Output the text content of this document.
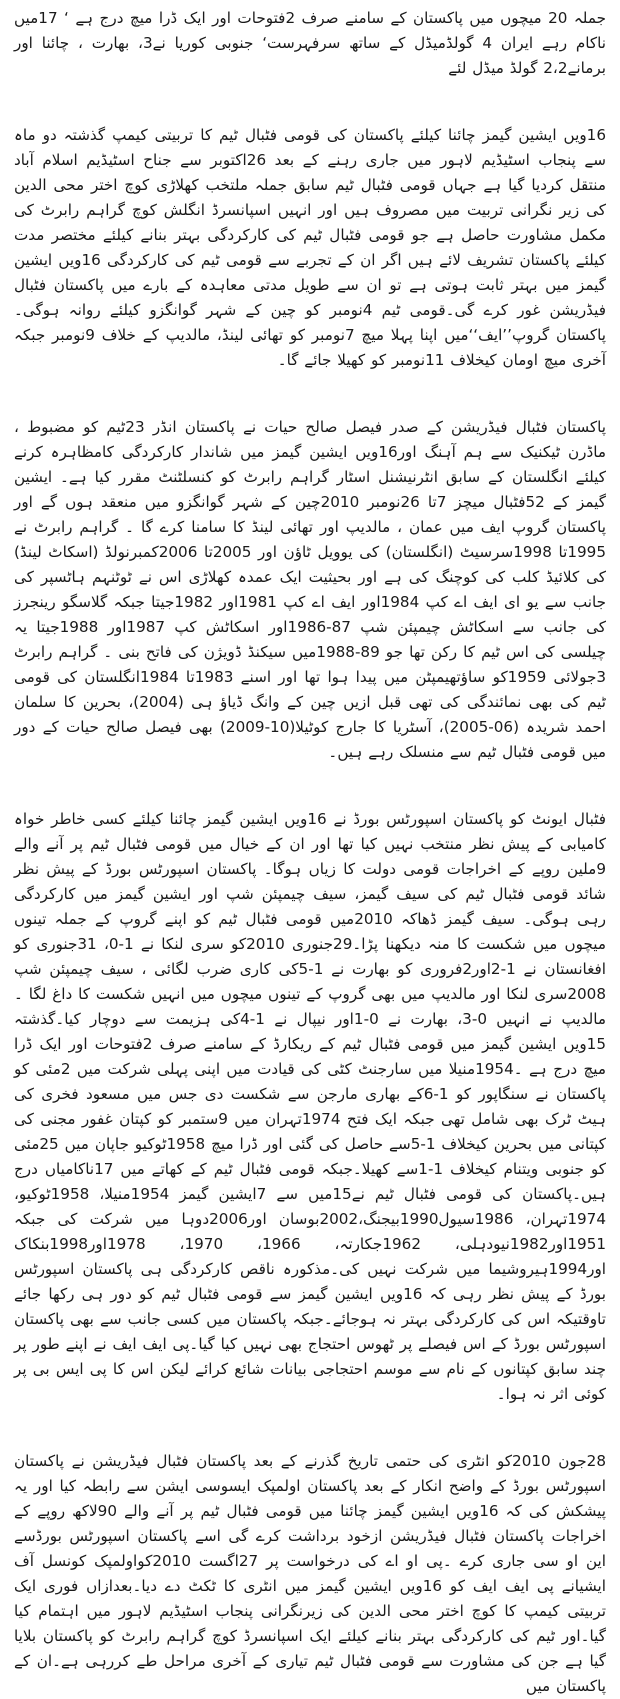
جملہ 20 میچوں میں پاکستان کے سامنے صرف 2فتوحات اور ایک ڈرا میچ درج ہے ‘ 17میں ناکام رہے ایران 4 گولڈمیڈل کے ساتھ سرفہرست‘ جنوبی کوریا نے3، بھارت ، چائنا اور برمانے2،2 گولڈ میڈل لئے

16ویں ایشین گیمز چائنا کیلئے پاکستان کی قومی فٹبال ٹیم کا تربیتی کیمپ گذشتہ دو ماہ سے پنجاب اسٹیڈیم لاہور میں جاری رہنے کے بعد 26اکتوبر سے جناح اسٹیڈیم اسلام آباد منتقل کردیا گیا ہے جہاں قومی فٹبال ٹیم سابق جملہ ملتخب کھلاڑی کوچ اختر محی الدین کی زیر نگرانی تربیت میں مصروف ہیں اور انہیں اسپانسرڈ انگلش کوچ گراہم رابرٹ کی مکمل مشاورت حاصل ہے جو قومی فٹبال ٹیم کی کارکردگی بہتر بنانے کیلئے مختصر مدت کیلئے پاکستان تشریف لائے ہیں اگر ان کے تجربے سے قومی ٹیم کی کارکردگی 16ویں ایشین گیمز میں بہتر ثابت ہوتی ہے تو ان سے طویل مدتی معاہدہ کے بارے میں پاکستان فٹبال فیڈریشن غور کرے گی۔قومی ٹیم 4نومبر کو چین کے شہر گوانگزو کیلئے روانہ ہوگی۔پاکستان گروپ’’ایف‘‘میں اپنا پہلا میچ 7نومبر کو تھائی لینڈ، مالدیپ کے خلاف 9نومبر جبکہ آخری میچ اومان کیخلاف 11نومبر کو کھیلا جائے گا۔

پاکستان فٹبال فیڈریشن کے صدر فیصل صالح حیات نے پاکستان انڈر 23ٹیم کو مضبوط ، ماڈرن ٹیکنیک سے ہم آہنگ اور16ویں ایشین گیمز میں شاندار کارکردگی کامظاہرہ کرنے کیلئے انگلستان کے سابق انٹرنیشنل اسٹار گراہم رابرٹ کو کنسلٹنٹ مقرر کیا ہے۔ ایشین گیمز کے 52فٹبال میچز 7تا 26نومبر 2010چین کے شہر گوانگزو میں منعقد ہوں گے اور پاکستان گروپ ایف میں عمان ، مالدیپ اور تھائی لینڈ کا سامنا کرے گا ۔ گراہم رابرٹ نے 1995تا 1998سرسیٹ (انگلستان) کی یوویل ٹاؤن اور 2005تا 2006کمبرنولڈ (اسکاٹ لینڈ) کی کلائیڈ کلب کی کوچنگ کی ہے اور بحیثیت ایک عمدہ کھلاڑی اس نے ٹوٹنہم ہاٹسپر کی جانب سے یو ای ایف اے کپ 1984اور ایف اے کپ 1981اور 1982جیتا جبکہ گلاسگو رینجرز کی جانب سے اسکاٹش چیمپئن شپ 87-1986اور اسکاٹش کپ 1987اور 1988جیتا یہ چیلسی کی اس ٹیم کا رکن تھا جو 89-1988میں سیکنڈ ڈویژن کی فاتح بنی ۔ گراہم رابرٹ 3جولائی 1959کو ساؤتھیمپٹن میں پیدا ہوا تھا اور اسنے 1983تا 1984انگلستان کی قومی ٹیم کی بھی نمائندگی کی تھی قبل ازیں چین کے وانگ ڈیاؤ ہی (2004)، بحرین کا سلمان احمد شریدہ (06-2005)، آسٹریا کا جارج کوٹیلا(10-2009) بھی فیصل صالح حیات کے دور میں قومی فٹبال ٹیم سے منسلک رہے ہیں۔

فٹبال ایونٹ کو پاکستان اسپورٹس بورڈ نے 16ویں ایشین گیمز چائنا کیلئے کسی خاطر خواہ کامیابی کے پیش نظر منتخب نہیں کیا تھا اور ان کے خیال میں قومی فٹبال ٹیم پر آنے والے 9ملین روپے کے اخراجات قومی دولت کا زیاں ہوگا۔ پاکستان اسپورٹس بورڈ کے پیش نظر شائد قومی فٹبال ٹیم کی سیف گیمز، سیف چیمپئن شپ اور ایشین گیمز میں کارکردگی رہی ہوگی۔ سیف گیمز ڈھاکہ 2010میں قومی فٹبال ٹیم کو اپنے گروپ کے جملہ تینوں میچوں میں شکست کا منہ دیکھنا پڑا۔29جنوری 2010کو سری لنکا نے 1-0، 31جنوری کو افغانستان نے 1-2اور2فروری کو بھارت نے 1-5کی کاری ضرب لگائی ، سیف چیمپئن شپ 2008سری لنکا اور مالدیپ میں بھی گروپ کے تینوں میچوں میں انہیں شکست کا داغ لگا ۔ مالدیپ نے انہیں 0-3، بھارت نے 0-1اور نیپال نے 1-4کی ہزیمت سے دوچار کیا۔گذشتہ 15ویں ایشین گیمز میں قومی فٹبال ٹیم کے ریکارڈ کے سامنے صرف 2فتوحات اور ایک ڈرا میچ درج ہے ۔1954منیلا میں سارجنٹ کٹی کی قیادت میں اپنی پہلی شرکت میں 2مئی کو پاکستان نے سنگاپور کو 1-6کے بھاری مارجن سے شکست دی جس میں مسعود فخری کی ہیٹ ٹرک بھی شامل تھی جبکہ ایک فتح 1974تہران میں 9ستمبر کو کپتان غفور مجنی کی کپتانی میں بحرین کیخلاف 1-5سے حاصل کی گئی اور ڈرا میچ 1958ٹوکیو جاپان میں 25مئی کو جنوبی ویتنام کیخلاف 1-1سے کھیلا۔جبکہ قومی فٹبال ٹیم کے کھاتے میں 17ناکامیاں درج ہیں۔پاکستان کی قومی فٹبال ٹیم نے15میں سے 7ایشین گیمز 1954منیلا، 1958ٹوکیو، 1974تہران، 1986سیول1990بیجنگ،2002بوسان اور2006دوہا میں شرکت کی جبکہ 1951اور1982نیودہلی، 1962جکارتہ، 1966، 1970، 1978اور1998بنکاک اور1994ہیروشیما میں شرکت نہیں کی۔مذکورہ ناقص کارکردگی ہی پاکستان اسپورٹس بورڈ کے پیش نظر رہی کہ 16ویں ایشین گیمز سے قومی فٹبال ٹیم کو دور ہی رکھا جائے تاوقتیکہ اس کی کارکردگی بہتر نہ ہوجائے۔جبکہ پاکستان میں کسی جانب سے بھی پاکستان اسپورٹس بورڈ کے اس فیصلے پر ٹھوس احتجاج بھی نہیں کیا گیا۔پی ایف ایف نے اپنے طور پر چند سابق کپتانوں کے نام سے موسم احتجاجی بیانات شائع کرائے لیکن اس کا پی ایس بی پر کوئی اثر نہ ہوا۔

28جون 2010کو انٹری کی حتمی تاریخ گذرنے کے بعد پاکستان فٹبال فیڈریشن نے پاکستان اسپورٹس بورڈ کے واضح انکار کے بعد پاکستان اولمپک ایسوسی ایشن سے رابطہ کیا اور یہ پیشکش کی کہ 16ویں ایشین گیمز چائنا میں قومی فٹبال ٹیم پر آنے والے 90لاکھ روپے کے اخراجات پاکستان فٹبال فیڈریشن ازخود برداشت کرے گی اسے پاکستان اسپورٹس بورڈسے این او سی جاری کرے ۔پی او اے کی درخواست پر 27اگست 2010کواولمپک کونسل آف ایشیانے پی ایف ایف کو 16ویں ایشین گیمز میں انٹری کا ٹکٹ دے دیا۔بعدازاں فوری ایک تربیتی کیمپ کا کوچ اختر محی الدین کی زیرنگرانی پنجاب اسٹیڈیم لاہور میں اہتمام کیا گیا۔اور ٹیم کی کارکردگی بہتر بنانے کیلئے ایک اسپانسرڈ کوچ گراہم رابرٹ کو پاکستان بلایا گیا ہے جن کی مشاورت سے قومی فٹبال ٹیم تیاری کے آخری مراحل طے کررہی ہے۔ان کے پاکستان میں
